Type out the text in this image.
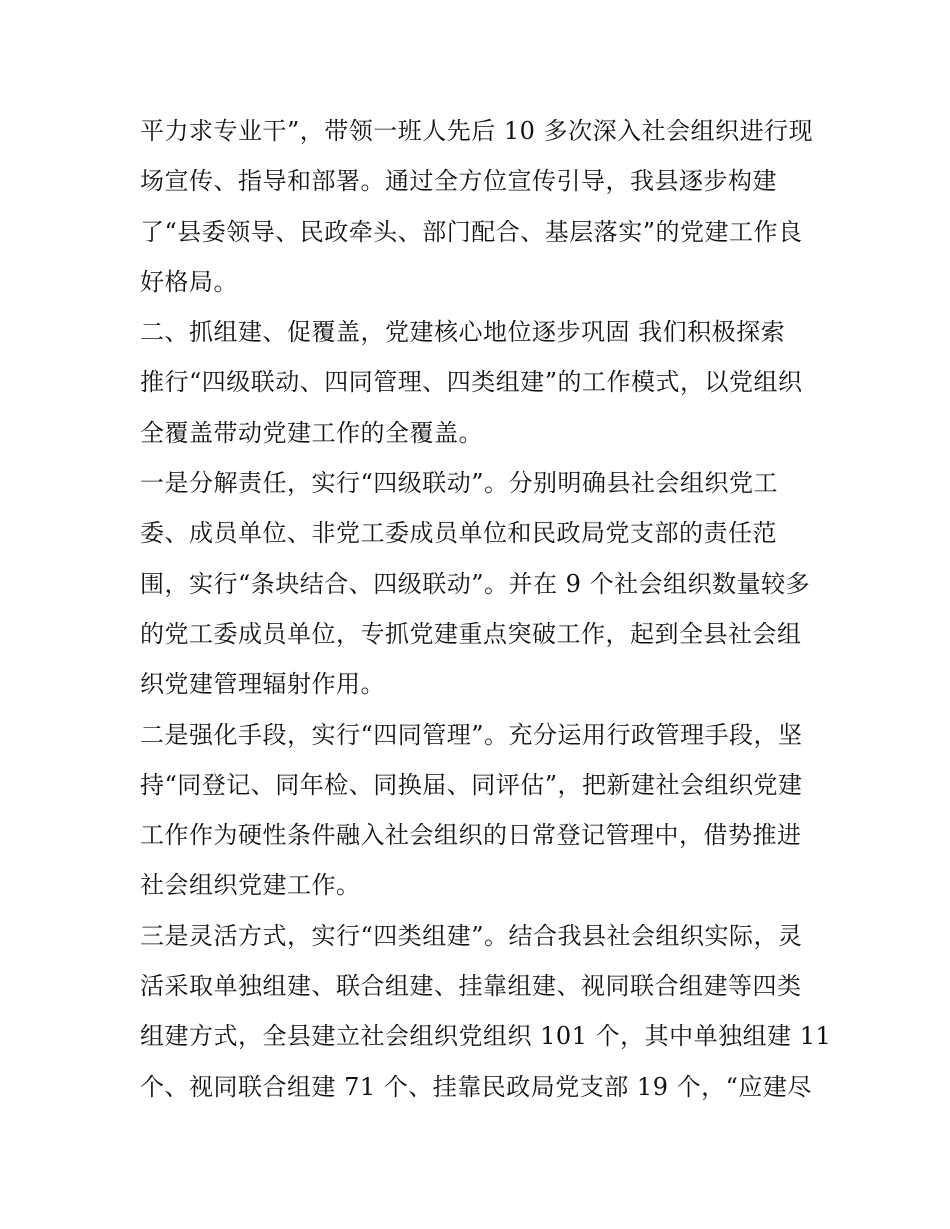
平力求专业干”，带领一班人先后 10 多次深入社会组织进行现
场宣传、指导和部署。通过全方位宣传引导，我县逐步构建
了“县委领导、民政牵头、部门配合、基层落实”的党建工作良
好格局。
二、抓组建、促覆盖，党建核心地位逐步巩固 我们积极探索
推行“四级联动、四同管理、四类组建”的工作模式，以党组织
全覆盖带动党建工作的全覆盖。
一是分解责任，实行“四级联动”。分别明确县社会组织党工
委、成员单位、非党工委成员单位和民政局党支部的责任范
围，实行“条块结合、四级联动”。并在 9 个社会组织数量较多
的党工委成员单位，专抓党建重点突破工作，起到全县社会组
织党建管理辐射作用。
二是强化手段，实行“四同管理”。充分运用行政管理手段，坚
持“同登记、同年检、同换届、同评估”，把新建社会组织党建
工作作为硬性条件融入社会组织的日常登记管理中，借势推进
社会组织党建工作。
三是灵活方式，实行“四类组建”。结合我县社会组织实际，灵
活采取单独组建、联合组建、挂靠组建、视同联合组建等四类
组建方式，全县建立社会组织党组织 101 个，其中单独组建 11
个、视同联合组建 71 个、挂靠民政局党支部 19 个，“应建尽
